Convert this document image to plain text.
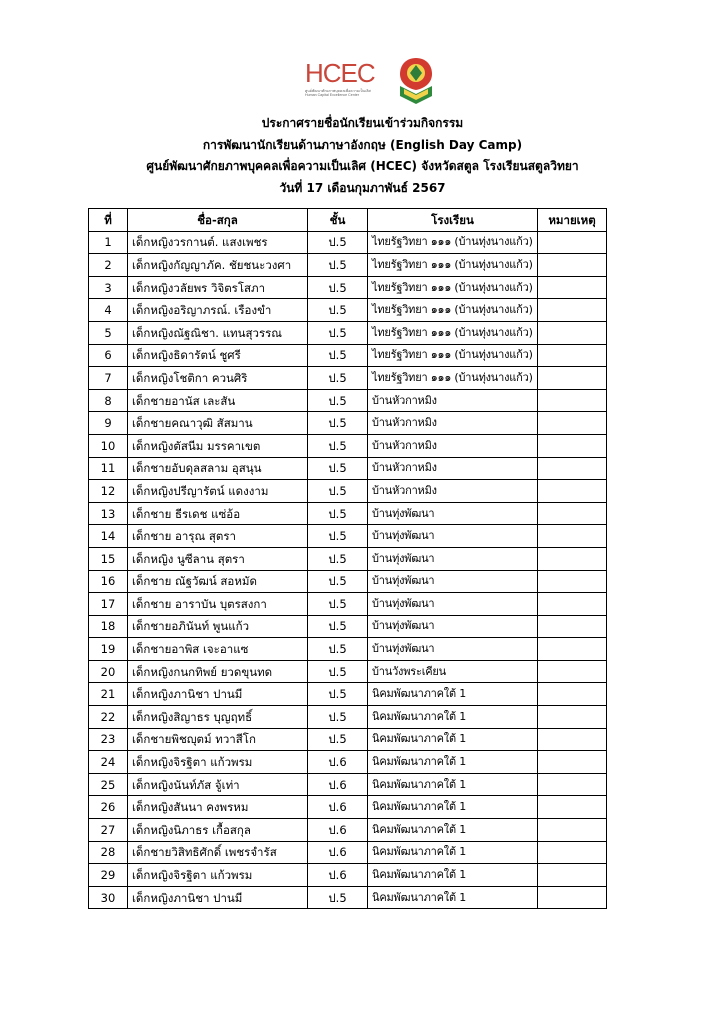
HCEC
ศูนย์พัฒนาศักยภาพบุคคลเพื่อความเป็นเลิศ
Human Capital Excellence Center
ประกาศรายชื่อนักเรียนเข้าร่วมกิจกรรม
การพัฒนานักเรียนด้านภาษาอังกฤษ (English Day Camp)
ศูนย์พัฒนาศักยภาพบุคคลเพื่อความเป็นเลิศ (HCEC) จังหวัดสตูล โรงเรียนสตูลวิทยา
วันที่ 17 เดือนกุมภาพันธ์ 2567
ที่	ชื่อ-สกุล	ชั้น	โรงเรียน	หมายเหตุ
1	เด็กหญิงวรกานต์. แสงเพชร	ป.5	ไทยรัฐวิทยา ๑๑๑ (บ้านทุ่งนางแก้ว)	
2	เด็กหญิงกัญญาภัค. ชัยชนะวงศา	ป.5	ไทยรัฐวิทยา ๑๑๑ (บ้านทุ่งนางแก้ว)	
3	เด็กหญิงวลัยพร วิจิตรโสภา	ป.5	ไทยรัฐวิทยา ๑๑๑ (บ้านทุ่งนางแก้ว)	
4	เด็กหญิงอริญาภรณ์. เรืองขำ	ป.5	ไทยรัฐวิทยา ๑๑๑ (บ้านทุ่งนางแก้ว)	
5	เด็กหญิงณัฐณิชา. แทนสุวรรณ	ป.5	ไทยรัฐวิทยา ๑๑๑ (บ้านทุ่งนางแก้ว)	
6	เด็กหญิงธิดารัตน์ ชูศรี	ป.5	ไทยรัฐวิทยา ๑๑๑ (บ้านทุ่งนางแก้ว)	
7	เด็กหญิงโชติกา ควนศิริ	ป.5	ไทยรัฐวิทยา ๑๑๑ (บ้านทุ่งนางแก้ว)	
8	เด็กชายอานัส เละสัน	ป.5	บ้านหัวกาหมิง	
9	เด็กชายคณาวุฒิ สัสมาน	ป.5	บ้านหัวกาหมิง	
10	เด็กหญิงตัสนีม มรรคาเขต	ป.5	บ้านหัวกาหมิง	
11	เด็กชายอับดุลสลาม อุสนุน	ป.5	บ้านหัวกาหมิง	
12	เด็กหญิงปรีญารัตน์ แดงงาม	ป.5	บ้านหัวกาหมิง	
13	เด็กชาย ธีรเดช แซ่อ้อ	ป.5	บ้านทุ่งพัฒนา	
14	เด็กชาย อารุณ สุตรา	ป.5	บ้านทุ่งพัฒนา	
15	เด็กหญิง นูซีลาน สุตรา	ป.5	บ้านทุ่งพัฒนา	
16	เด็กชาย ณัฐวัฒน์ สอหมัด	ป.5	บ้านทุ่งพัฒนา	
17	เด็กชาย อาราบัน บุตรสงกา	ป.5	บ้านทุ่งพัฒนา	
18	เด็กชายอภินันท์ พูนแก้ว	ป.5	บ้านทุ่งพัฒนา	
19	เด็กชายอาพิส เจะอาแซ	ป.5	บ้านทุ่งพัฒนา	
20	เด็กหญิงกนกทิพย์ ยวดขุนทด	ป.5	บ้านวังพระเคียน	
21	เด็กหญิงภานิชา ปานมี	ป.5	นิคมพัฒนาภาคใต้ 1	
22	เด็กหญิงสิญาธร บุญฤทธิ์	ป.5	นิคมพัฒนาภาคใต้ 1	
23	เด็กชายพิชญุตม์ ทวาสีโก	ป.5	นิคมพัฒนาภาคใต้ 1	
24	เด็กหญิงจิรฐิตา แก้วพรม	ป.6	นิคมพัฒนาภาคใต้ 1	
25	เด็กหญิงนันท์ภัส จู้เท่า	ป.6	นิคมพัฒนาภาคใต้ 1	
26	เด็กหญิงสันนา คงพรหม	ป.6	นิคมพัฒนาภาคใต้ 1	
27	เด็กหญิงนิภาธร เกื้อสกุล	ป.6	นิคมพัฒนาภาคใต้ 1	
28	เด็กชายวิสิทธิศักดิ์ เพชรจำรัส	ป.6	นิคมพัฒนาภาคใต้ 1	
29	เด็กหญิงจิรฐิตา แก้วพรม	ป.6	นิคมพัฒนาภาคใต้ 1	
30	เด็กหญิงภานิชา ปานมี	ป.5	นิคมพัฒนาภาคใต้ 1	
